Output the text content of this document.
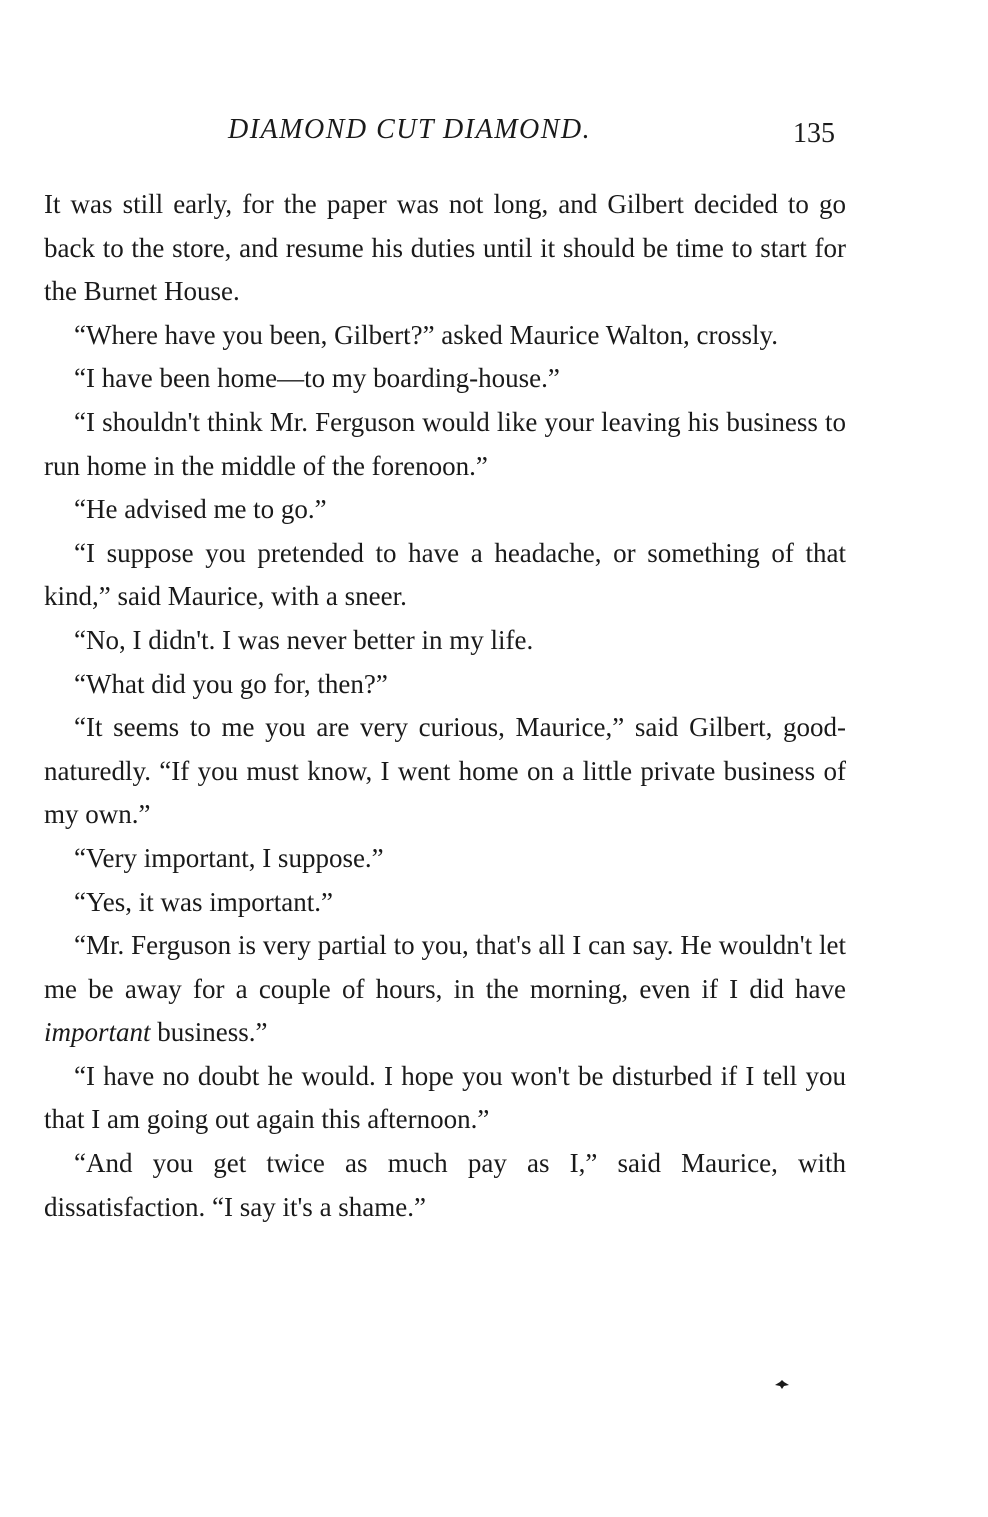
DIAMOND CUT DIAMOND.	135

It was still early, for the paper was not long, and Gilbert decided to go back to the store, and resume his duties until it should be time to start for the Burnet House.

“Where have you been, Gilbert?” asked Maurice Walton, crossly.

“I have been home—to my boarding-house.”

“I shouldn't think Mr. Ferguson would like your leaving his business to run home in the middle of the forenoon.”

“He advised me to go.”

“I suppose you pretended to have a headache, or something of that kind,” said Maurice, with a sneer.

“No, I didn't. I was never better in my life.

“What did you go for, then?”

“It seems to me you are very curious, Maurice,” said Gilbert, good-naturedly. “If you must know, I went home on a little private business of my own.”

“Very important, I suppose.”

“Yes, it was important.”

“Mr. Ferguson is very partial to you, that's all I can say. He wouldn't let me be away for a couple of hours, in the morning, even if I did have important business.”

“I have no doubt he would. I hope you won't be disturbed if I tell you that I am going out again this afternoon.”

“And you get twice as much pay as I,” said Maurice, with dissatisfaction. “I say it's a shame.”
